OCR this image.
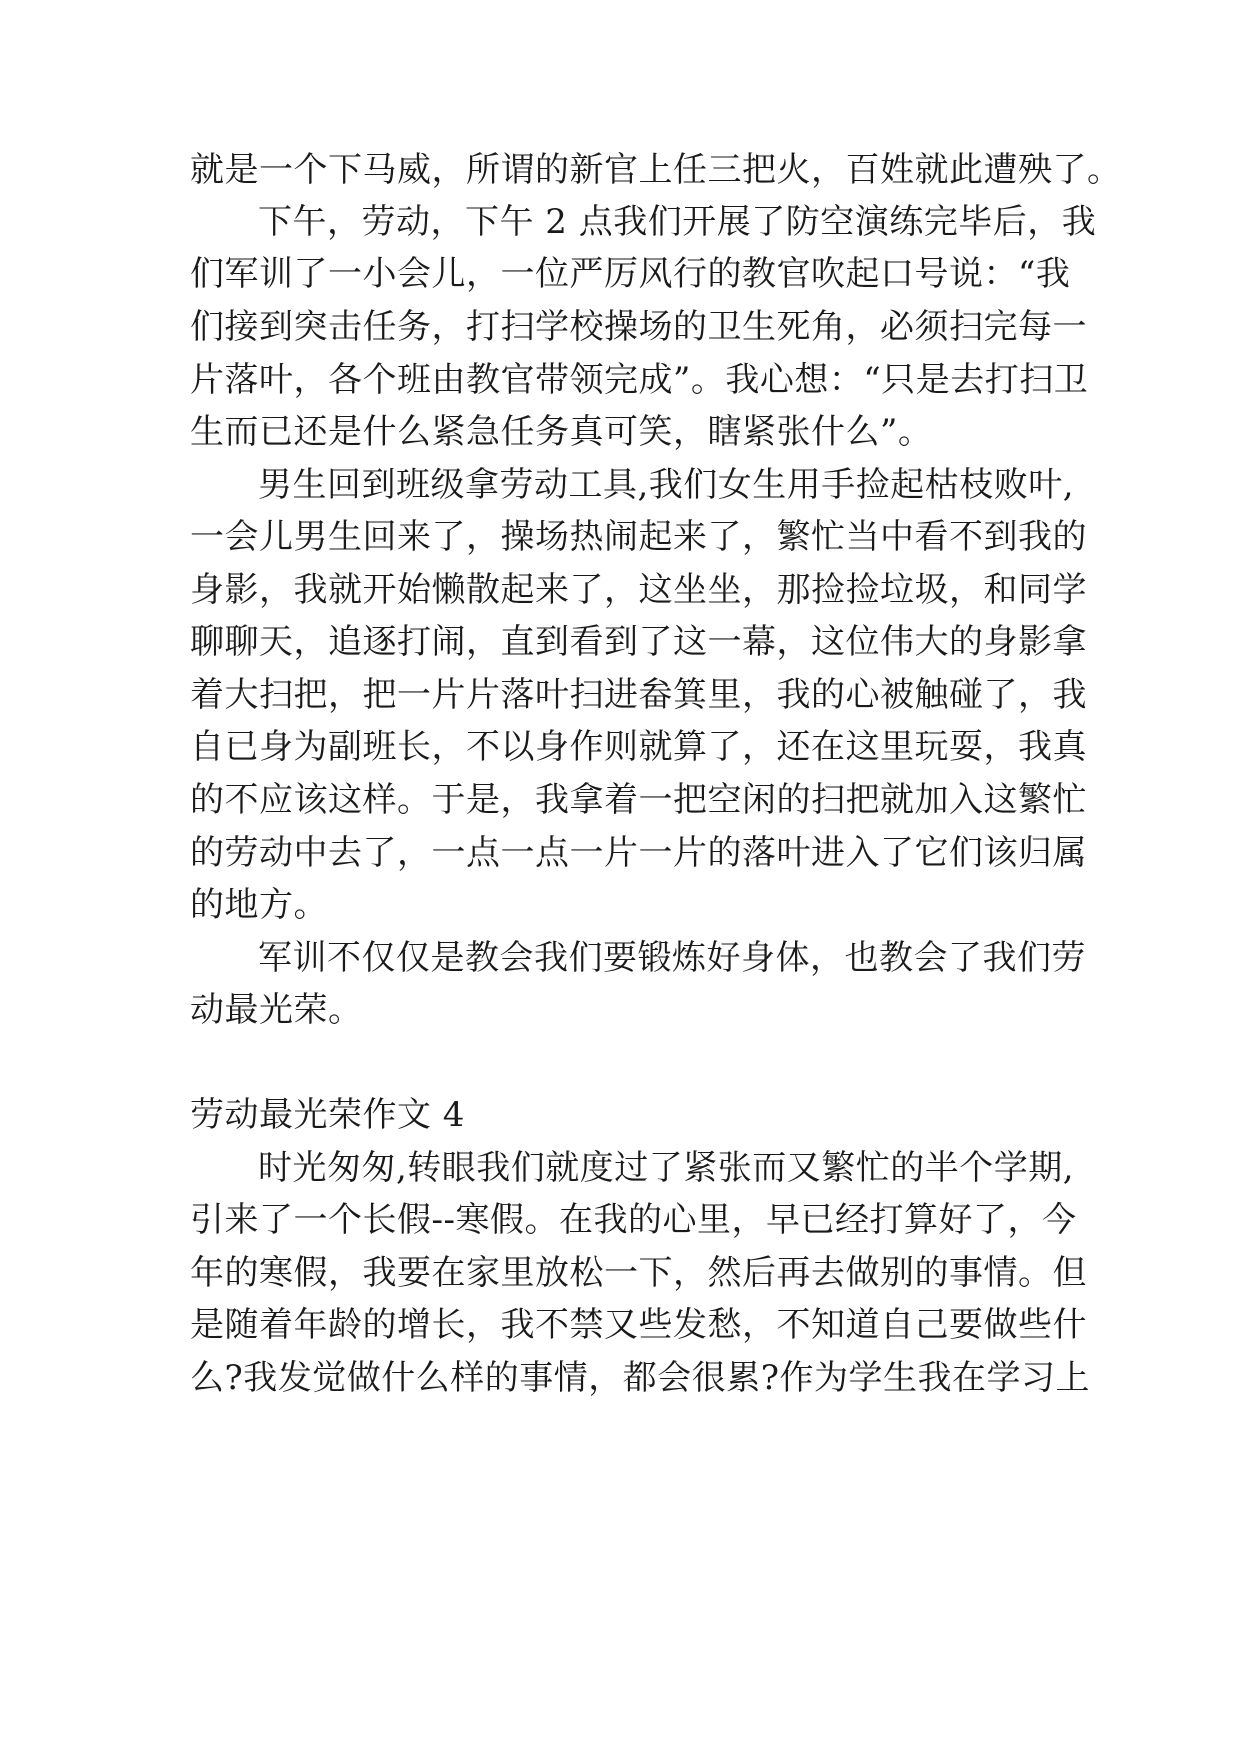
就是一个下马威，所谓的新官上任三把火，百姓就此遭殃了。
下午，劳动，下午 2 点我们开展了防空演练完毕后，我
们军训了一小会儿，一位严厉风行的教官吹起口号说：“我
们接到突击任务，打扫学校操场的卫生死角，必须扫完每一
片落叶，各个班由教官带领完成”。我心想：“只是去打扫卫
生而已还是什么紧急任务真可笑，瞎紧张什么”。
男生回到班级拿劳动工具,我们女生用手捡起枯枝败叶,
一会儿男生回来了，操场热闹起来了，繁忙当中看不到我的
身影，我就开始懒散起来了，这坐坐，那捡捡垃圾，和同学
聊聊天，追逐打闹，直到看到了这一幕，这位伟大的身影拿
着大扫把，把一片片落叶扫进畚箕里，我的心被触碰了，我
自已身为副班长，不以身作则就算了，还在这里玩耍，我真
的不应该这样。于是，我拿着一把空闲的扫把就加入这繁忙
的劳动中去了，一点一点一片一片的落叶进入了它们该归属
的地方。
军训不仅仅是教会我们要锻炼好身体，也教会了我们劳
动最光荣。
劳动最光荣作文 4
时光匆匆,转眼我们就度过了紧张而又繁忙的半个学期,
引来了一个长假--寒假。在我的心里，早已经打算好了，今
年的寒假，我要在家里放松一下，然后再去做别的事情。但
是随着年龄的增长，我不禁又些发愁，不知道自己要做些什
么?我发觉做什么样的事情，都会很累?作为学生我在学习上
